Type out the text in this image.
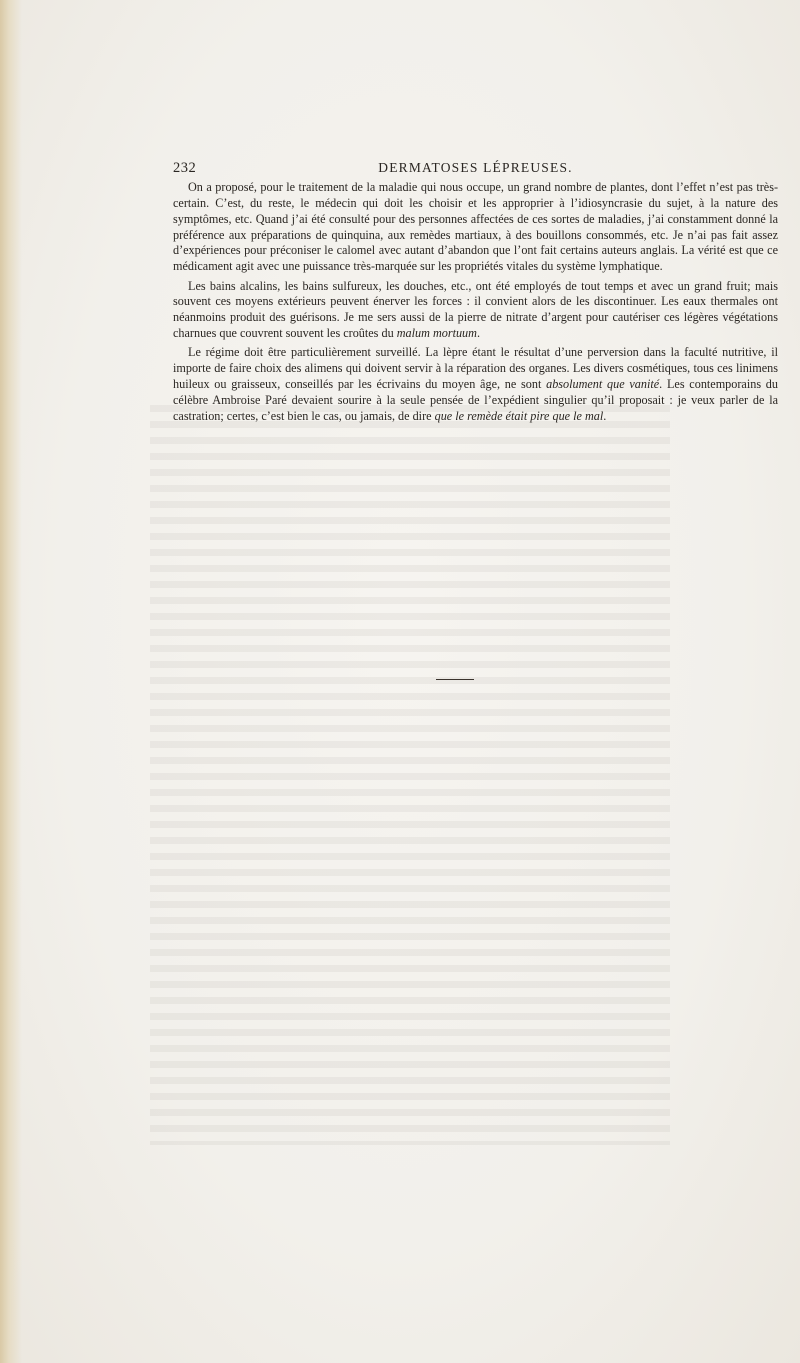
232	DERMATOSES LÉPREUSES.

On a proposé, pour le traitement de la maladie qui nous occupe, un grand nombre de plantes, dont l’effet n’est pas très-certain. C’est, du reste, le médecin qui doit les choisir et les approprier à l’idiosyncrasie du sujet, à la nature des symptômes, etc. Quand j’ai été consulté pour des personnes affectées de ces sortes de maladies, j’ai constamment donné la préférence aux préparations de quinquina, aux remèdes martiaux, à des bouillons consommés, etc. Je n’ai pas fait assez d’expériences pour préconiser le calomel avec autant d’abandon que l’ont fait certains auteurs anglais. La vérité est que ce médicament agit avec une puissance très-marquée sur les propriétés vitales du système lymphatique.

Les bains alcalins, les bains sulfureux, les douches, etc., ont été employés de tout temps et avec un grand fruit; mais souvent ces moyens extérieurs peuvent énerver les forces : il convient alors de les discontinuer. Les eaux thermales ont néanmoins produit des guérisons. Je me sers aussi de la pierre de nitrate d’argent pour cautériser ces légères végétations charnues que couvrent souvent les croûtes du malum mortuum.

Le régime doit être particulièrement surveillé. La lèpre étant le résultat d’une perversion dans la faculté nutritive, il importe de faire choix des alimens qui doivent servir à la réparation des organes. Les divers cosmétiques, tous ces linimens huileux ou graisseux, conseillés par les écrivains du moyen âge, ne sont absolument que vanité. Les contemporains du célèbre Ambroise Paré devaient sourire à la seule pensée de l’expédient singulier qu’il proposait : je veux parler de la castration; certes, c’est bien le cas, ou jamais, de dire que le remède était pire que le mal.
